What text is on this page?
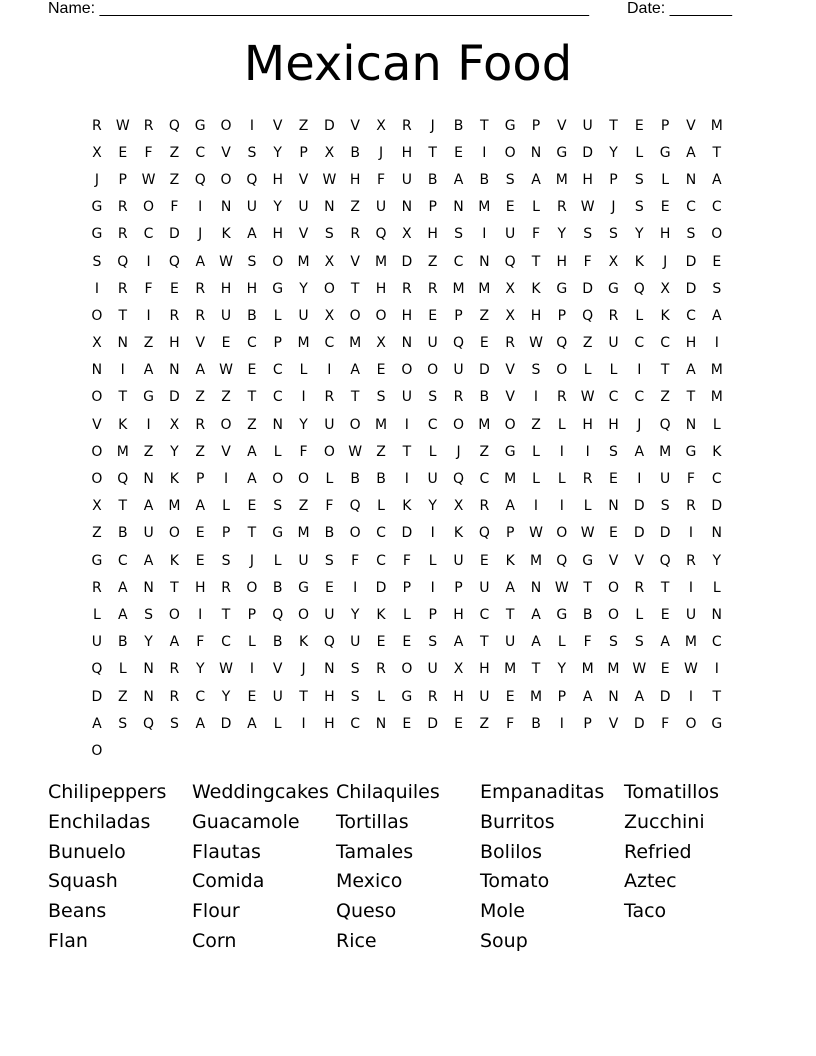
Name: _______________________________________________________ Date: _______
Mexican Food
R	W	R	Q	G	O	I	V	Z	D	V	X	R	J	B	T	G	P	V	U	T	E	P	V	M
X	E	F	Z	C	V	S	Y	P	X	B	J	H	T	E	I	O	N	G	D	Y	L	G	A	T
J	P	W	Z	Q	O	Q	H	V	W H	F	U	B	A	B	S	A	M	H	P	S	L	N	A
G	R	O	F	I	N	U	Y	U	N	Z	U	N	P	N	M	E	L	R	W	J	S	E	C	C
G	R	C	D	J	K	A	H	V	S	R	Q	X	H	S	I	U	F	Y	S	S	Y	H	S	O
S	Q	I	Q	A	W	S	O	M	X	V	M	D	Z	C	N	Q	T	H	F	X	K	J	D	E
I	R	F	E	R	H	H	G	Y	O	T	H	R	R	M M	X	K	G	D	G	Q	X	D	S
O	T	I	R	R	U	B	L	U	X	O	O	H	E	P	Z	X	H	P	Q	R	L	K	C	A
X	N	Z	H	V	E	C	P	M	C	M	X	N	U	Q	E	R	W Q	Z	U	C	C	H	I
N	I	A	N	A	W	E	C	L	I	A	E	O	O	U	D	V	S	O	L	L	I	T	A	M
O	T	G	D	Z	Z	T	C	I	R	T	S	U	S	R	B	V	I	R	W	C	C	Z	T	M
V	K	I	X	R	O	Z	N	Y	U	O	M	I	C	O	M	O	Z	L	H	H	J	Q	N	L
O	M	Z	Y	Z	V	A	L	F	O W	Z	T	L	J	Z	G	L	I	I	S	A	M	G	K
O	Q	N	K	P	I	A	O	O	L	B	B	I	U	Q	C	M	L	L	R	E	I	U	F	C
X	T	A	M	A	L	E	S	Z	F	Q	L	K	Y	X	R	A	I	I	L	N	D	S	R	D
Z	B	U	O	E	P	T	G	M	B	O	C	D	I	K	Q	P	W O W	E	D	D	I	N
G	C	A	K	E	S	J	L	U	S	F	C	F	L	U	E	K	M	Q	G	V	V	Q	R	Y
R	A	N	T	H	R	O	B	G	E	I	D	P	I	P	U	A	N W	T	O	R	T	I	L
L	A	S	O	I	T	P	Q	O	U	Y	K	L	P	H	C	T	A	G	B	O	L	E	U	N
U	B	Y	A	F	C	L	B	K	Q	U	E	E	S	A	T	U	A	L	F	S	S	A	M	C
Q	L	N	R	Y	W	I	V	J	N	S	R	O	U	X	H	M	T	Y	M M W	E	W	I
D	Z	N	R	C	Y	E	U	T	H	S	L	G	R	H	U	E	M	P	A	N	A	D	I	T
A	S	Q	S	A	D	A	L	I	H	C	N	E	D	E	Z	F	B	I	P	V	D	F	O	G
O
Chilipeppers	Weddingcakes Chilaquiles	Empanaditas	Tomatillos
Enchiladas	Guacamole	Tortillas	Burritos	Zucchini
Bunuelo	Flautas	Tamales	Bolilos	Refried
Squash	Comida	Mexico	Tomato	Aztec
Beans	Flour	Queso	Mole	Taco
Flan	Corn	Rice	Soup
